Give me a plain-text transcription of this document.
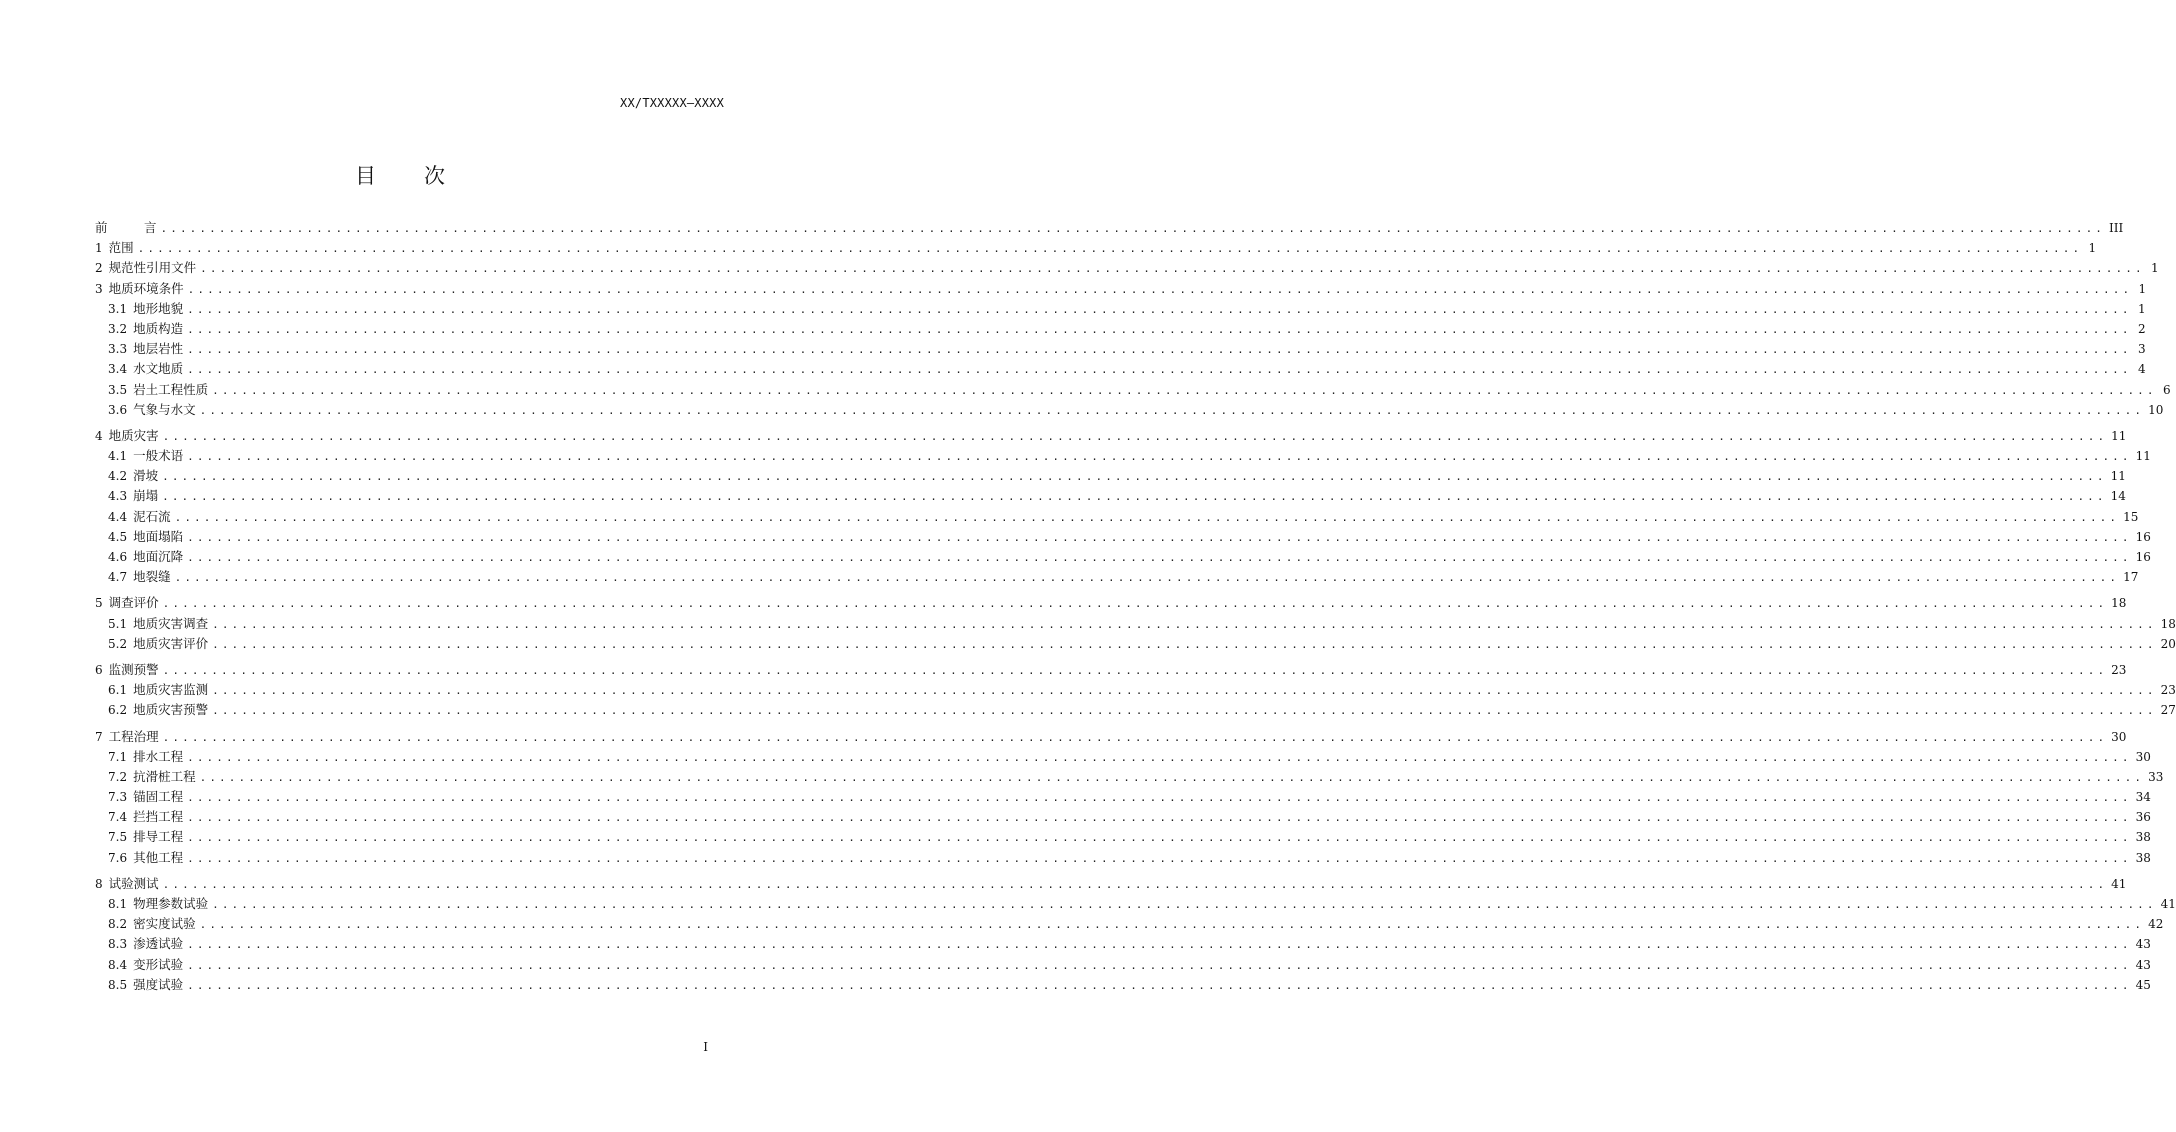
XX/TXXXXX—XXXX
目 次
前	言 ........................................................................................................................................................................................................ III
1 范围 ........................................................................................................................................................................................................ 1
2 规范性引用文件 ........................................................................................................................................................................................................ 1
3 地质环境条件 ........................................................................................................................................................................................................ 1
3.1 地形地貌 ........................................................................................................................................................................................................ 1
3.2 地质构造 ........................................................................................................................................................................................................ 2
3.3 地层岩性 ........................................................................................................................................................................................................ 3
3.4 水文地质 ........................................................................................................................................................................................................ 4
3.5 岩土工程性质 ........................................................................................................................................................................................................ 6
3.6 气象与水文 ........................................................................................................................................................................................................ 10
4 地质灾害 ........................................................................................................................................................................................................ 11
4.1 一般术语 ........................................................................................................................................................................................................ 11
4.2 滑坡 ........................................................................................................................................................................................................ 11
4.3 崩塌 ........................................................................................................................................................................................................ 14
4.4 泥石流 ........................................................................................................................................................................................................ 15
4.5 地面塌陷 ........................................................................................................................................................................................................ 16
4.6 地面沉降 ........................................................................................................................................................................................................ 16
4.7 地裂缝 ........................................................................................................................................................................................................ 17
5 调查评价 ........................................................................................................................................................................................................ 18
5.1 地质灾害调查 ........................................................................................................................................................................................................ 18
5.2 地质灾害评价 ........................................................................................................................................................................................................ 20
6 监测预警 ........................................................................................................................................................................................................ 23
6.1 地质灾害监测 ........................................................................................................................................................................................................ 23
6.2 地质灾害预警 ........................................................................................................................................................................................................ 27
7 工程治理 ........................................................................................................................................................................................................ 30
7.1 排水工程 ........................................................................................................................................................................................................ 30
7.2 抗滑桩工程 ........................................................................................................................................................................................................ 33
7.3 锚固工程 ........................................................................................................................................................................................................ 34
7.4 拦挡工程 ........................................................................................................................................................................................................ 36
7.5 排导工程 ........................................................................................................................................................................................................ 38
7.6 其他工程 ........................................................................................................................................................................................................ 38
8 试验测试 ........................................................................................................................................................................................................ 41
8.1 物理参数试验 ........................................................................................................................................................................................................ 41
8.2 密实度试验 ........................................................................................................................................................................................................ 42
8.3 渗透试验 ........................................................................................................................................................................................................ 43
8.4 变形试验 ........................................................................................................................................................................................................ 43
8.5 强度试验 ........................................................................................................................................................................................................ 45
I
